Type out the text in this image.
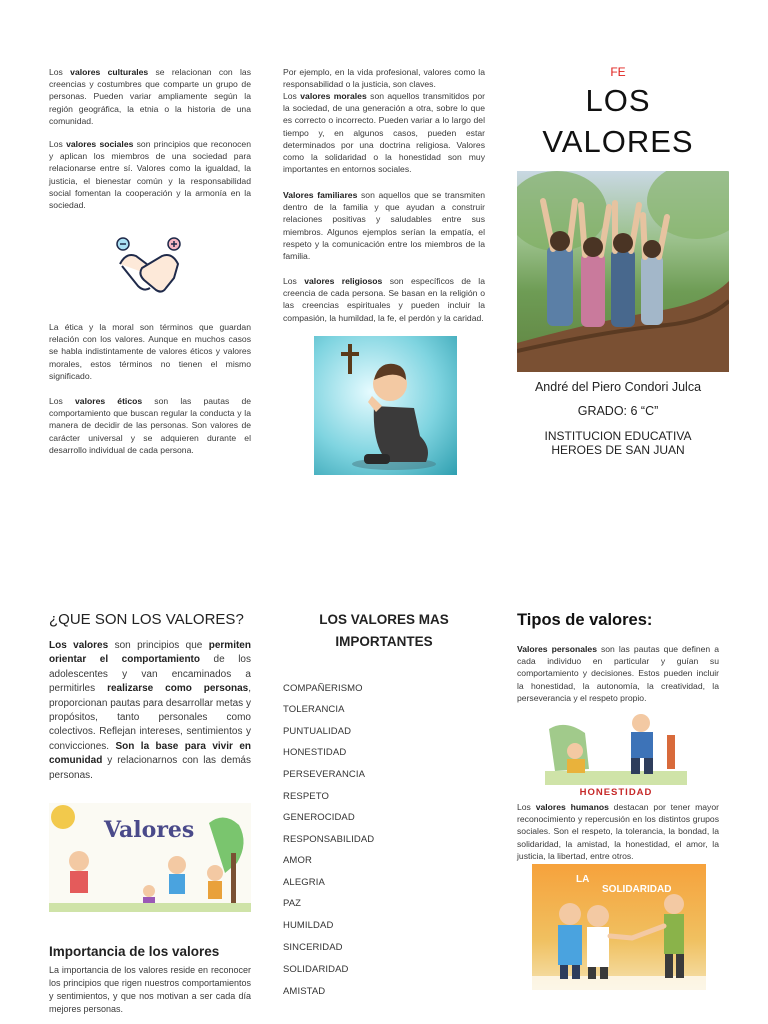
Los valores culturales se relacionan con las creencias y costumbres que comparte un grupo de personas. Pueden variar ampliamente según la región geográfica, la etnia o la historia de una comunidad.
Los valores sociales son principios que reconocen y aplican los miembros de una sociedad para relacionarse entre sí. Valores como la igualdad, la justicia, el bienestar común y la responsabilidad social fomentan la cooperación y la armonía en la sociedad.
La ética y la moral son términos que guardan relación con los valores. Aunque en muchos casos se habla indistintamente de valores éticos y valores morales, estos términos no tienen el mismo significado.
Los valores éticos son las pautas de comportamiento que buscan regular la conducta y la manera de decidir de las personas. Son valores de carácter universal y se adquieren durante el desarrollo individual de cada persona.
Por ejemplo, en la vida profesional, valores como la responsabilidad o la justicia, son claves.
Los valores morales son aquellos transmitidos por la sociedad, de una generación a otra, sobre lo que es correcto o incorrecto. Pueden variar a lo largo del tiempo y, en algunos casos, pueden estar determinados por una doctrina religiosa. Valores como la solidaridad o la honestidad son muy importantes en entornos sociales.
Valores familiares son aquellos que se transmiten dentro de la familia y que ayudan a construir relaciones positivas y saludables entre sus miembros. Algunos ejemplos serían la empatía, el respeto y la comunicación entre los miembros de la familia.
Los valores religiosos son específicos de la creencia de cada persona. Se basan en la religión o las creencias espirituales y pueden incluir la compasión, la humildad, la fe, el perdón y la caridad.
FE
LOS
VALORES
André del Piero Condori Julca
GRADO: 6 “C”
INSTITUCION EDUCATIVA
HEROES DE SAN JUAN
¿QUE SON LOS VALORES?
Los valores son principios que permiten orientar el comportamiento de los adolescentes y van encaminados a permitirles realizarse como personas, proporcionan pautas para desarrollar metas y propósitos, tanto personales como colectivos. Reflejan intereses, sentimientos y convicciones. Son la base para vivir en comunidad y relacionarnos con las demás personas.
Valores
Importancia de los valores
La importancia de los valores reside en reconocer los principios que rigen nuestros comportamientos y sentimientos, y que nos motivan a ser cada día mejores personas.
LOS VALORES MAS
IMPORTANTES
COMPAÑERISMO
TOLERANCIA
PUNTUALIDAD
HONESTIDAD
PERSEVERANCIA
RESPETO
GENEROCIDAD
RESPONSABILIDAD
AMOR
ALEGRIA
PAZ
HUMILDAD
SINCERIDAD
SOLIDARIDAD
AMISTAD
Tipos de valores:
Valores personales son las pautas que definen a cada individuo en particular y guían su comportamiento y decisiones. Estos pueden incluir la honestidad, la autonomía, la creatividad, la perseverancia y el respeto propio.
HONESTIDAD
Los valores humanos destacan por tener mayor reconocimiento y repercusión en los distintos grupos sociales. Son el respeto, la tolerancia, la bondad, la solidaridad, la amistad, la honestidad, el amor, la justicia, la libertad, entre otros.
LA
SOLIDARIDAD
